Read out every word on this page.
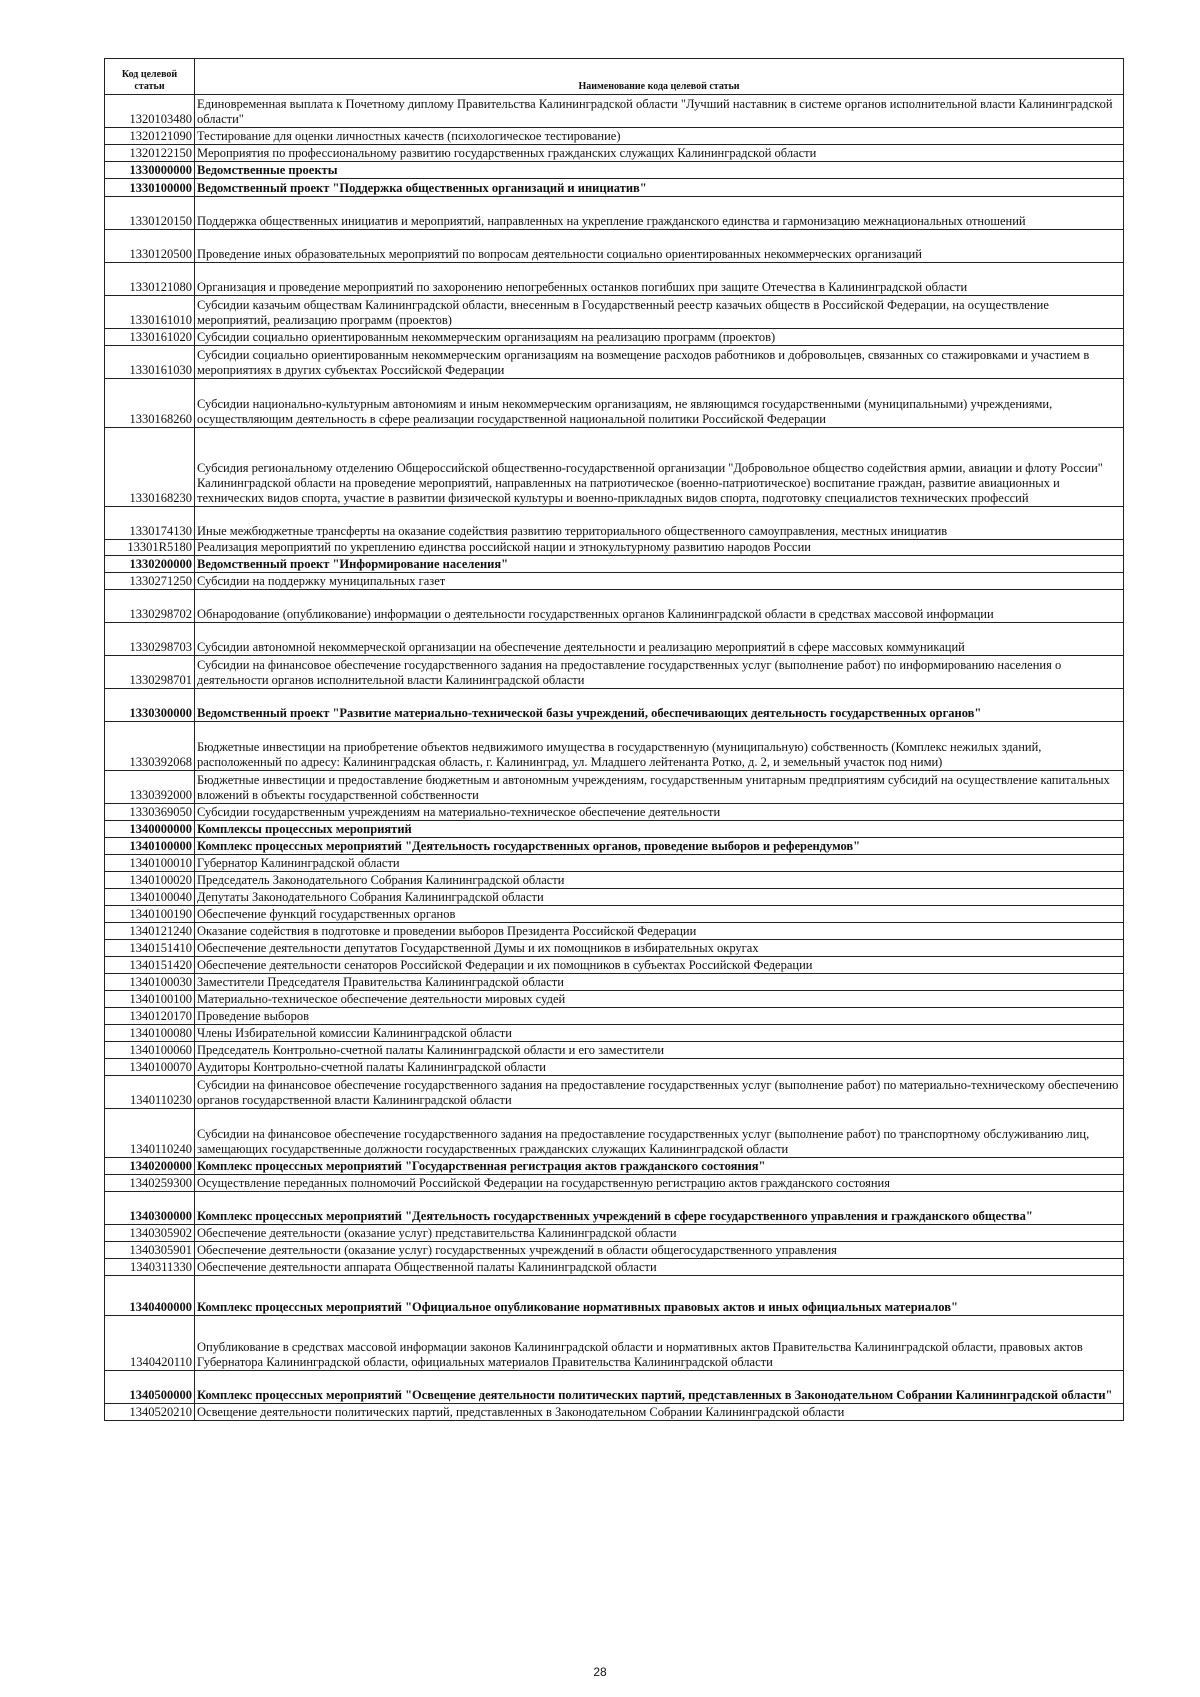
Код целевой статьи	Наименование кода целевой статьи
1320103480	Единовременная выплата к Почетному диплому Правительства Калининградской области "Лучший наставник в системе органов исполнительной власти Калининградской области"
1320121090	Тестирование для оценки личностных качеств (психологическое тестирование)
1320122150	Мероприятия по профессиональному развитию государственных гражданских служащих Калининградской области
1330000000	Ведомственные проекты
1330100000	Ведомственный проект "Поддержка общественных организаций и инициатив"
1330120150	Поддержка общественных инициатив и мероприятий, направленных на укрепление гражданского единства и гармонизацию межнациональных отношений
1330120500	Проведение иных образовательных мероприятий по вопросам деятельности социально ориентированных некоммерческих организаций
1330121080	Организация и проведение мероприятий по захоронению непогребенных останков погибших при защите Отечества в Калининградской области
1330161010	Субсидии казачьим обществам Калининградской области, внесенным в Государственный реестр казачьих обществ в Российской Федерации, на осуществление мероприятий, реализацию программ (проектов)
1330161020	Субсидии социально ориентированным некоммерческим организациям на реализацию программ (проектов)
1330161030	Субсидии социально ориентированным некоммерческим организациям на возмещение расходов работников и добровольцев, связанных со стажировками и участием в мероприятиях в других субъектах Российской Федерации
1330168260	Субсидии национально-культурным автономиям и иным некоммерческим организациям, не являющимся государственными (муниципальными) учреждениями, осуществляющим деятельность в сфере реализации государственной национальной политики Российской Федерации
1330168230	Субсидия региональному отделению Общероссийской общественно-государственной организации "Добровольное общество содействия армии, авиации и флоту России" Калининградской области на проведение мероприятий, направленных на патриотическое (военно-патриотическое) воспитание граждан, развитие авиационных и технических видов спорта, участие в развитии физической культуры и военно-прикладных видов спорта, подготовку специалистов технических профессий
1330174130	Иные межбюджетные трансферты на оказание содействия развитию территориального общественного самоуправления, местных инициатив
13301R5180	Реализация мероприятий по укреплению единства российской нации и этнокультурному развитию народов России
1330200000	Ведомственный проект "Информирование населения"
1330271250	Субсидии на поддержку муниципальных газет
1330298702	Обнародование (опубликование) информации о деятельности государственных органов Калининградской области в средствах массовой информации
1330298703	Субсидии автономной некоммерческой организации на обеспечение деятельности и реализацию мероприятий в сфере массовых коммуникаций
1330298701	Субсидии на финансовое обеспечение государственного задания на предоставление государственных услуг (выполнение работ) по информированию населения о деятельности органов исполнительной власти Калининградской области
1330300000	Ведомственный проект "Развитие материально-технической базы учреждений, обеспечивающих деятельность государственных органов"
1330392068	Бюджетные инвестиции на приобретение объектов недвижимого имущества в государственную (муниципальную) собственность (Комплекс нежилых зданий, расположенный по адресу: Калининградская область, г. Калининград, ул. Младшего лейтенанта Ротко, д. 2, и земельный участок под ними)
1330392000	Бюджетные инвестиции и предоставление бюджетным и автономным учреждениям, государственным унитарным предприятиям субсидий на осуществление капитальных вложений в объекты государственной собственности
1330369050	Субсидии государственным учреждениям на материально-техническое обеспечение деятельности
1340000000	Комплексы процессных мероприятий
1340100000	Комплекс процессных мероприятий "Деятельность государственных органов, проведение выборов и референдумов"
1340100010	Губернатор Калининградской области
1340100020	Председатель Законодательного Собрания Калининградской области
1340100040	Депутаты Законодательного Собрания Калининградской области
1340100190	Обеспечение функций государственных органов
1340121240	Оказание содействия в подготовке и проведении выборов Президента Российской Федерации
1340151410	Обеспечение деятельности депутатов Государственной Думы и их помощников в избирательных округах
1340151420	Обеспечение деятельности сенаторов Российской Федерации и их помощников в субъектах Российской Федерации
1340100030	Заместители Председателя Правительства Калининградской области
1340100100	Материально-техническое обеспечение деятельности мировых судей
1340120170	Проведение выборов
1340100080	Члены Избирательной комиссии Калининградской области
1340100060	Председатель Контрольно-счетной палаты Калининградской области и его заместители
1340100070	Аудиторы Контрольно-счетной палаты Калининградской области
1340110230	Субсидии на финансовое обеспечение государственного задания на предоставление государственных услуг (выполнение работ) по материально-техническому обеспечению органов государственной власти Калининградской области
1340110240	Субсидии на финансовое обеспечение государственного задания на предоставление государственных услуг (выполнение работ) по транспортному обслуживанию лиц, замещающих государственные должности государственных гражданских служащих Калининградской области
1340200000	Комплекс процессных мероприятий "Государственная регистрация актов гражданского состояния"
1340259300	Осуществление переданных полномочий Российской Федерации на государственную регистрацию актов гражданского состояния
1340300000	Комплекс процессных мероприятий "Деятельность государственных учреждений в сфере государственного управления и гражданского общества"
1340305902	Обеспечение деятельности (оказание услуг) представительства Калининградской области
1340305901	Обеспечение деятельности (оказание услуг) государственных учреждений в области общегосударственного управления
1340311330	Обеспечение деятельности аппарата Общественной палаты Калининградской области
1340400000	Комплекс процессных мероприятий "Официальное опубликование нормативных правовых актов и иных официальных материалов"
1340420110	Опубликование в средствах массовой информации законов Калининградской области и нормативных актов Правительства Калининградской области, правовых актов Губернатора Калининградской области, официальных материалов Правительства Калининградской области
1340500000	Комплекс процессных мероприятий "Освещение деятельности политических партий, представленных в Законодательном Собрании Калининградской области"
1340520210	Освещение деятельности политических партий, представленных в Законодательном Собрании Калининградской области
28
